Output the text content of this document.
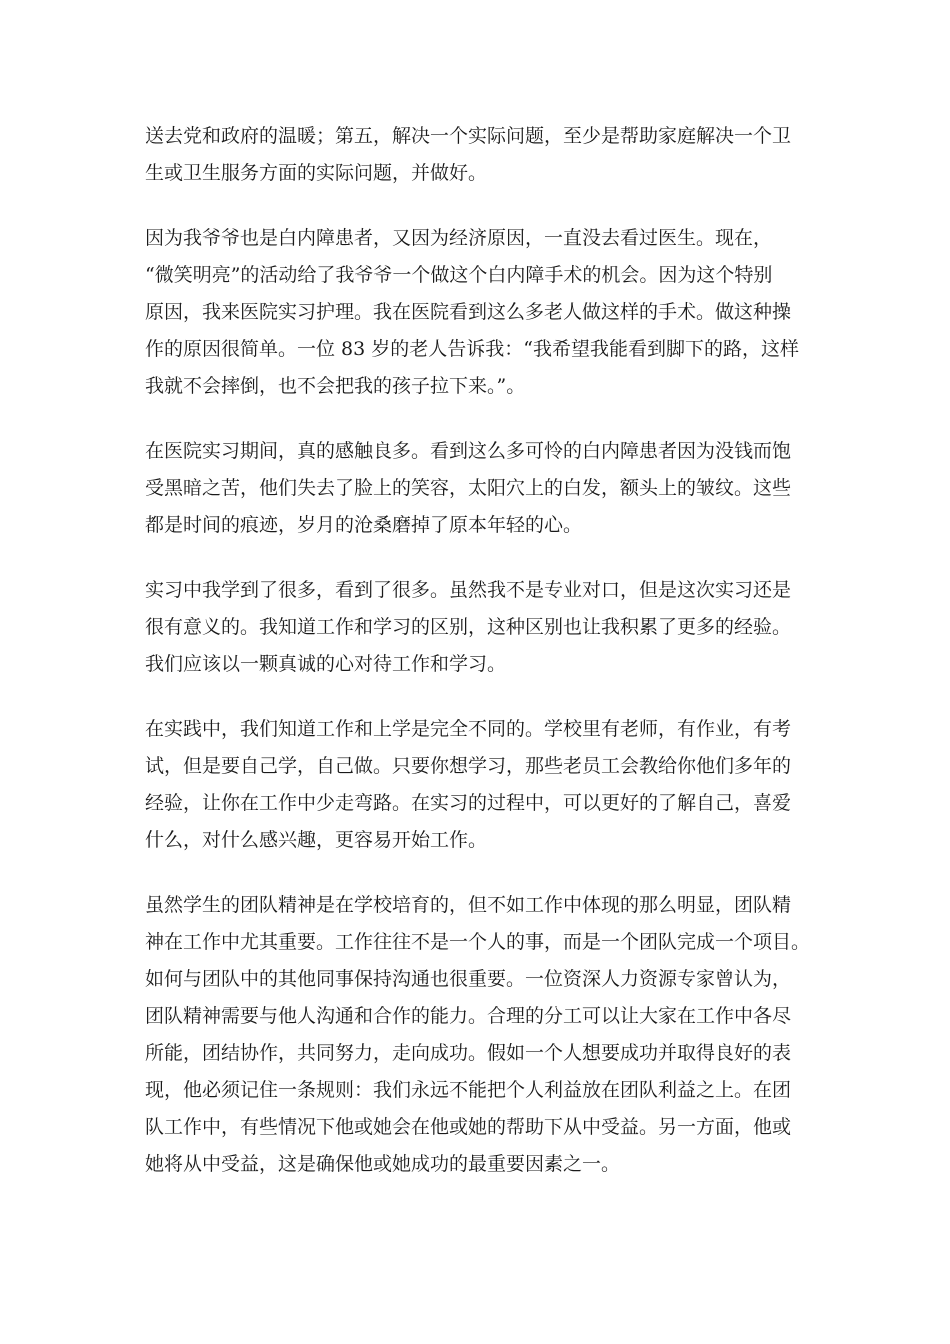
送去党和政府的温暖；第五，解决一个实际问题，至少是帮助家庭解决一个卫
生或卫生服务方面的实际问题，并做好。

因为我爷爷也是白内障患者，又因为经济原因，一直没去看过医生。现在，
“微笑明亮”的活动给了我爷爷一个做这个白内障手术的机会。因为这个特别
原因，我来医院实习护理。我在医院看到这么多老人做这样的手术。做这种操
作的原因很简单。一位 83 岁的老人告诉我：“我希望我能看到脚下的路，这样
我就不会摔倒，也不会把我的孩子拉下来。”。

在医院实习期间，真的感触良多。看到这么多可怜的白内障患者因为没钱而饱
受黑暗之苦，他们失去了脸上的笑容，太阳穴上的白发，额头上的皱纹。这些
都是时间的痕迹，岁月的沧桑磨掉了原本年轻的心。

实习中我学到了很多，看到了很多。虽然我不是专业对口，但是这次实习还是
很有意义的。我知道工作和学习的区别，这种区别也让我积累了更多的经验。
我们应该以一颗真诚的心对待工作和学习。

在实践中，我们知道工作和上学是完全不同的。学校里有老师，有作业，有考
试，但是要自己学，自己做。只要你想学习，那些老员工会教给你他们多年的
经验，让你在工作中少走弯路。在实习的过程中，可以更好的了解自己，喜爱
什么，对什么感兴趣，更容易开始工作。

虽然学生的团队精神是在学校培育的，但不如工作中体现的那么明显，团队精
神在工作中尤其重要。工作往往不是一个人的事，而是一个团队完成一个项目。
如何与团队中的其他同事保持沟通也很重要。一位资深人力资源专家曾认为，
团队精神需要与他人沟通和合作的能力。合理的分工可以让大家在工作中各尽
所能，团结协作，共同努力，走向成功。假如一个人想要成功并取得良好的表
现，他必须记住一条规则：我们永远不能把个人利益放在团队利益之上。在团
队工作中，有些情况下他或她会在他或她的帮助下从中受益。另一方面，他或
她将从中受益，这是确保他或她成功的最重要因素之一。
